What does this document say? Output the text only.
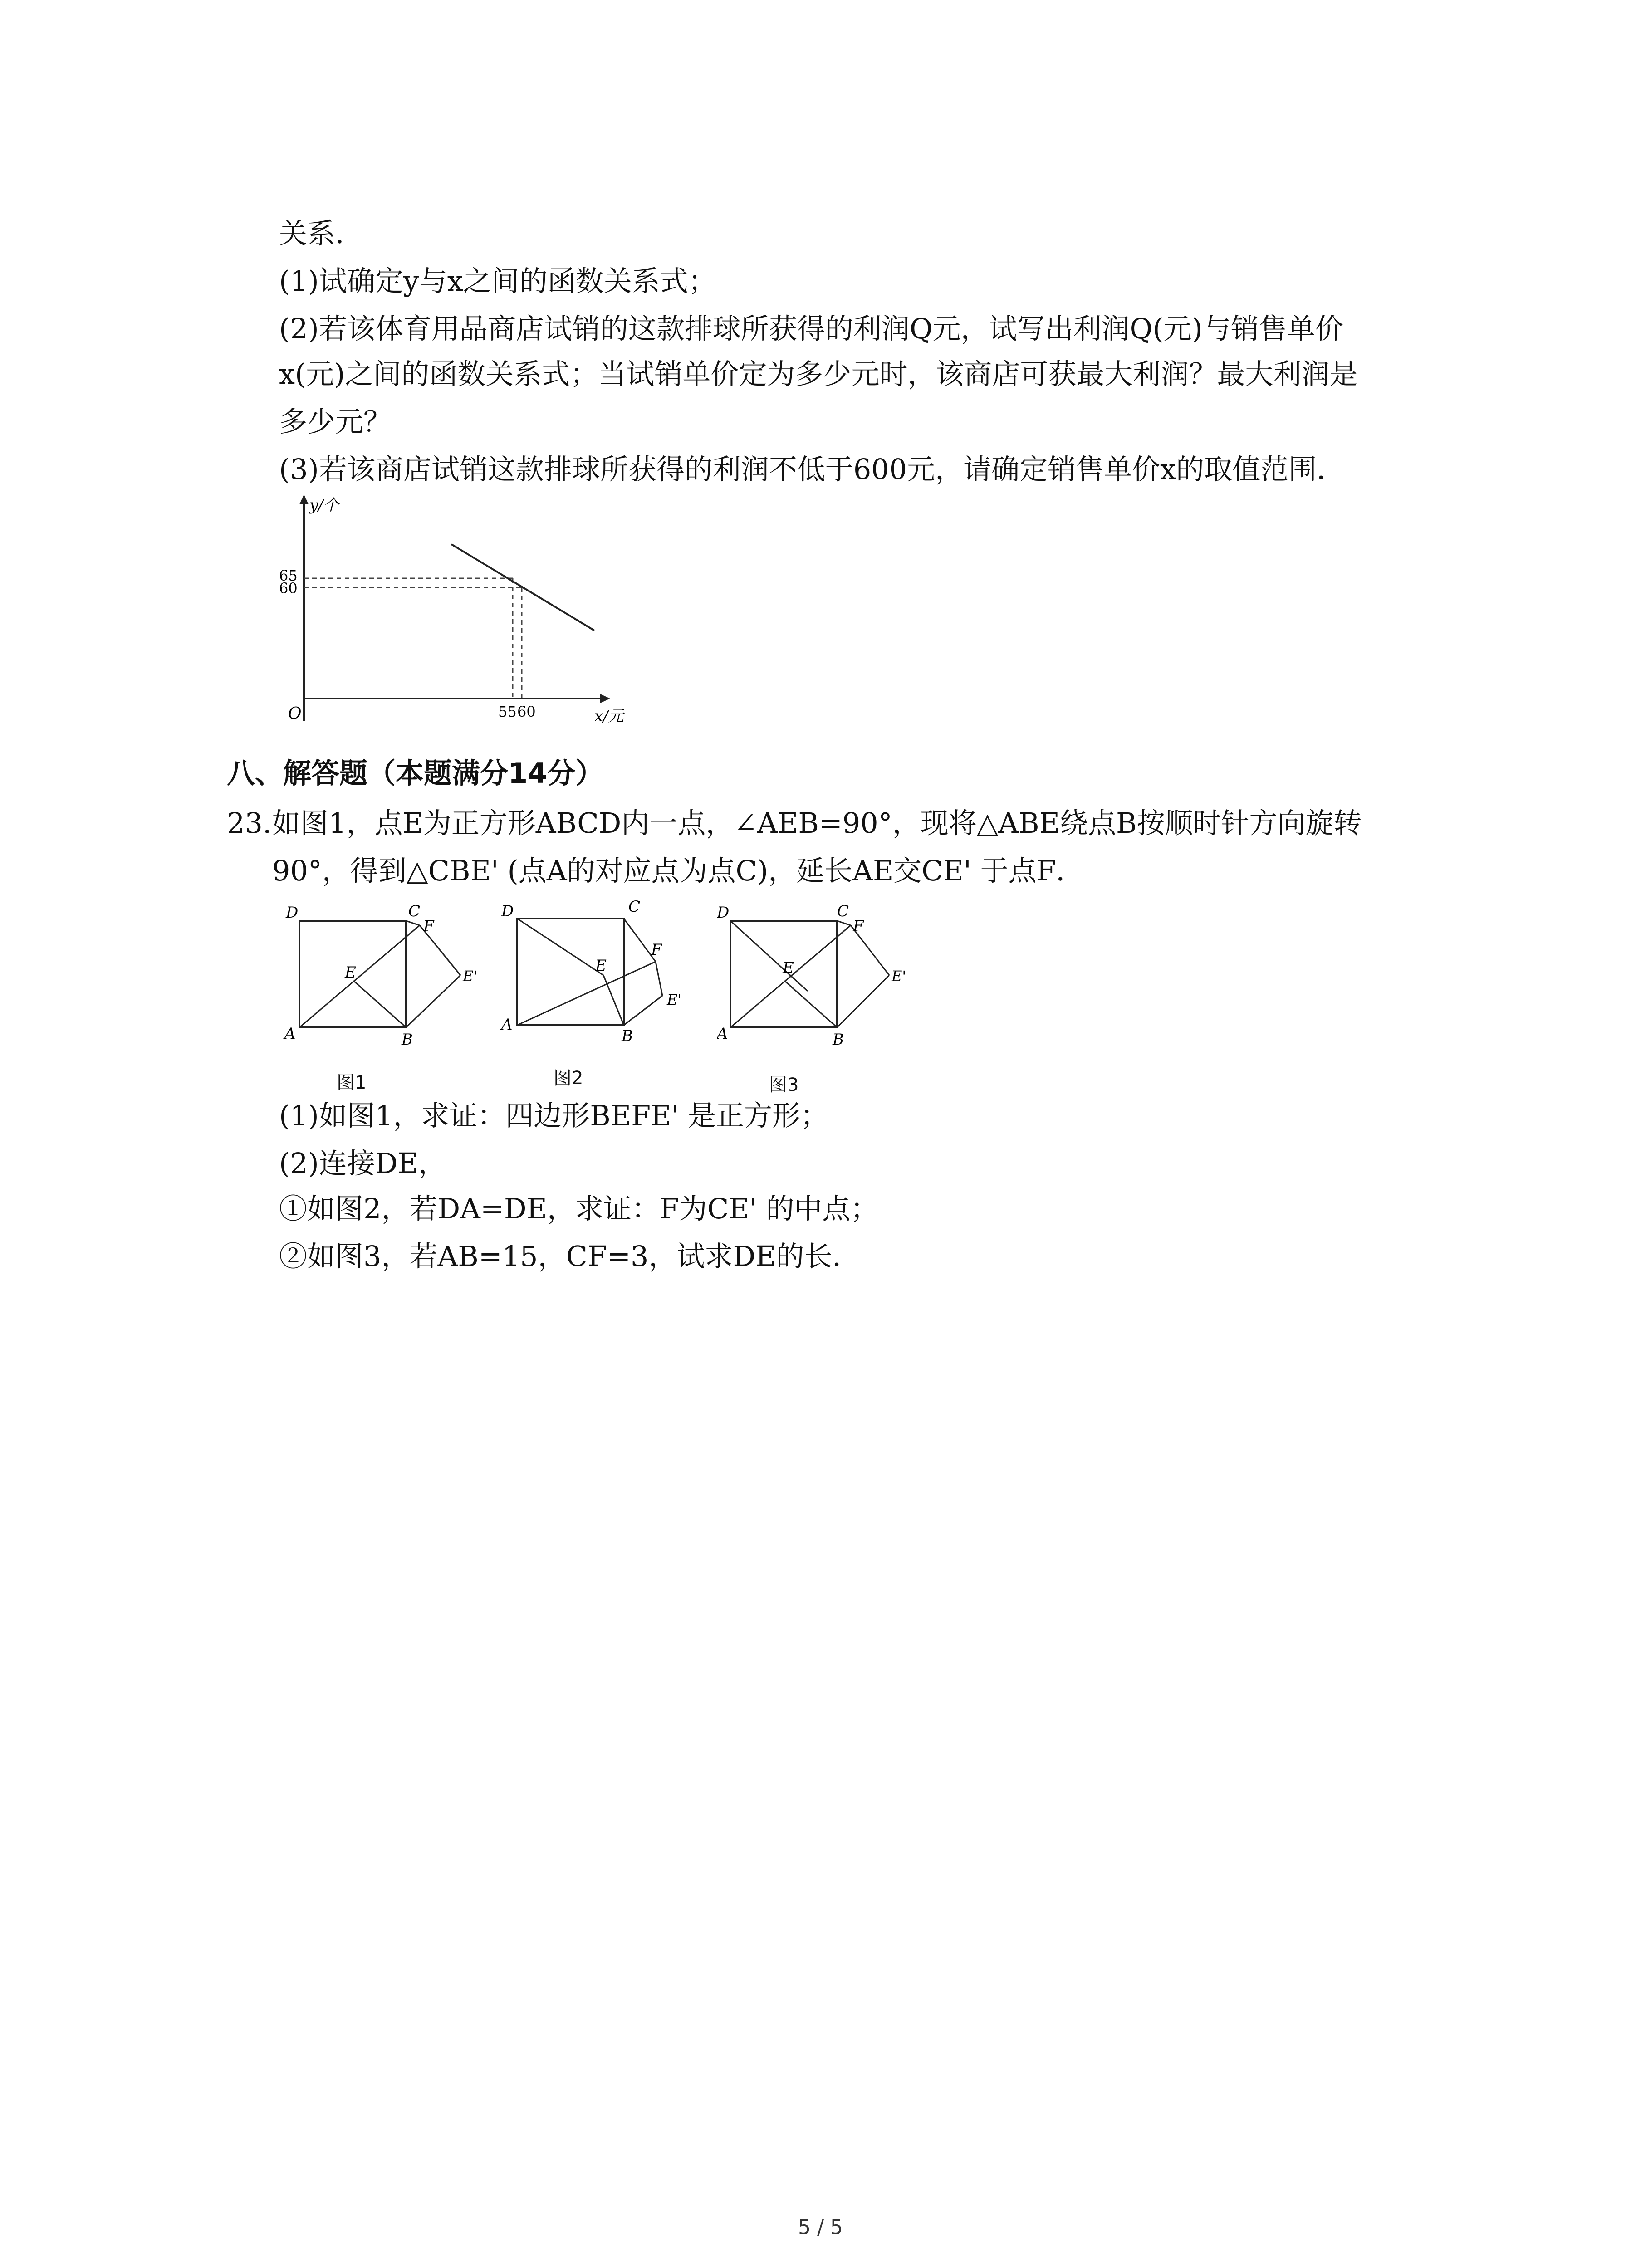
关系．
(1)试确定y与x之间的函数关系式；
(2)若该体育用品商店试销的这款排球所获得的利润Q元，试写出利润Q(元)与销售单价
x(元)之间的函数关系式；当试销单价定为多少元时，该商店可获最大利润？最大利润是
多少元？
(3)若该商店试销这款排球所获得的利润不低于600元，请确定销售单价x的取值范围．
y/个
65
60
O	55 60	x/元
八、解答题（本题满分14分）
23. 如图1，点E为正方形ABCD内一点，∠AEB=90°，现将△ABE绕点B按顺时针方向旋转
90°，得到△CBE' (点A的对应点为点C)，延长AE交CE' 于点F．
D	C
F
E	E'
A	B
图1
D	C
F
E
E'
A
B
图2
D	C
F
E	E'
A	B
图3
(1)如图1，求证：四边形BEFE' 是正方形；
(2)连接DE，
①如图2，若DA=DE，求证：F为CE' 的中点；
②如图3，若AB=15，CF=3，试求DE的长．
5 / 5
